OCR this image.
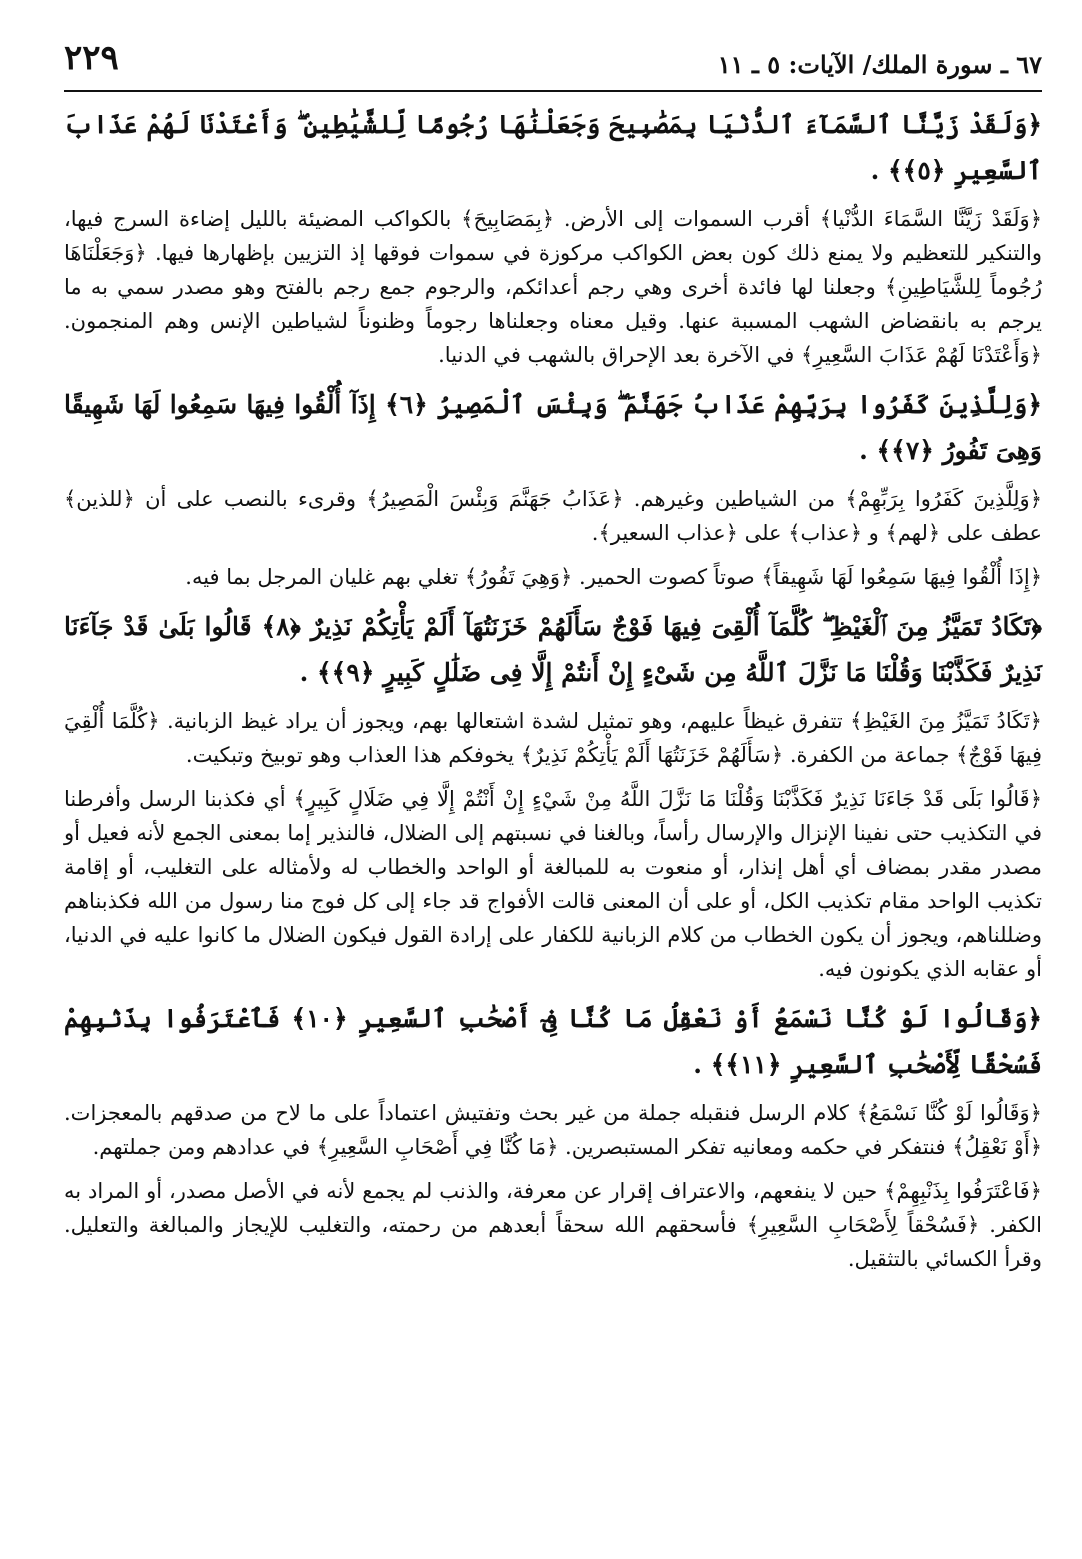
٦٧ ـ سورة الملك/ الآيات: ٥ ـ ١١
٢٢٩

﴿وَلَقَدْ زَيَّنَّا ٱلسَّمَآءَ ٱلدُّنْيَا بِمَصَٰبِيحَ وَجَعَلْنَٰهَا رُجُومًا لِّلشَّيَٰطِينِ ۖ وَأَعْتَدْنَا لَهُمْ عَذَابَ ٱلسَّعِيرِ ﴿٥﴾﴾ .

﴿وَلَقَدْ زَيَّنَّا السَّمَاءَ الدُّنْيا﴾ أقرب السموات إلى الأرض. ﴿بِمَصَابِيحَ﴾ بالكواكب المضيئة بالليل إضاءة السرج فيها، والتنكير للتعظيم ولا يمنع ذلك كون بعض الكواكب مركوزة في سموات فوقها إذ التزيين بإظهارها فيها. ﴿وَجَعَلْنَاهَا رُجُوماً لِلشَّيَاطِينِ﴾ وجعلنا لها فائدة أخرى وهي رجم أعدائكم، والرجوم جمع رجم بالفتح وهو مصدر سمي به ما يرجم به بانقضاض الشهب المسببة عنها. وقيل معناه وجعلناها رجوماً وظنوناً لشياطين الإنس وهم المنجمون. ﴿وَأَعْتَدْنَا لَهُمْ عَذَابَ السَّعِيرِ﴾ في الآخرة بعد الإحراق بالشهب في الدنيا.

﴿وَلِلَّذِينَ كَفَرُوا بِرَبِّهِمْ عَذَابُ جَهَنَّمَ ۖ وَبِئْسَ ٱلْمَصِيرُ ﴿٦﴾ إِذَآ أُلْقُوا فِيهَا سَمِعُوا لَهَا شَهِيقًا وَهِىَ تَفُورُ ﴿٧﴾﴾ .

﴿وَلِلَّذِينَ كَفَرُوا بِرَبِّهِمْ﴾ من الشياطين وغيرهم. ﴿عَذَابُ جَهَنَّمَ وَبِئْسَ الْمَصِيرُ﴾ وقرىء بالنصب على أن ﴿للذين﴾ عطف على ﴿لهم﴾ و ﴿عذاب﴾ على ﴿عذاب السعير﴾.

﴿إِذَا أُلْقُوا فِيهَا سَمِعُوا لَهَا شَهِيقاً﴾ صوتاً كصوت الحمير. ﴿وَهِيَ تَفُورُ﴾ تغلي بهم غليان المرجل بما فيه.

﴿تَكَادُ تَمَيَّزُ مِنَ ٱلْغَيْظِ ۖ كُلَّمَآ أُلْقِىَ فِيهَا فَوْجٌ سَأَلَهُمْ خَزَنَتُهَآ أَلَمْ يَأْتِكُمْ نَذِيرٌ ﴿٨﴾ قَالُوا بَلَىٰ قَدْ جَآءَنَا نَذِيرٌ فَكَذَّبْنَا وَقُلْنَا مَا نَزَّلَ ٱللَّهُ مِن شَىْءٍ إِنْ أَنتُمْ إِلَّا فِى ضَلَٰلٍ كَبِيرٍ ﴿٩﴾﴾ .

﴿تَكَادُ تَمَيَّزُ مِنَ الغَيْظِ﴾ تتفرق غيظاً عليهم، وهو تمثيل لشدة اشتعالها بهم، ويجوز أن يراد غيظ الزبانية. ﴿كُلَّمَا أُلْقِيَ فِيهَا فَوْجٌ﴾ جماعة من الكفرة. ﴿سَأَلَهُمْ خَزَنَتُهَا أَلَمْ يَأْتِكُمْ نَذِيرٌ﴾ يخوفكم هذا العذاب وهو توبيخ وتبكيت.

﴿قَالُوا بَلَى قَدْ جَاءَنَا نَذِيرٌ فَكَذَّبْنَا وَقُلْنَا مَا نَزَّلَ اللَّهُ مِنْ شَيْءٍ إِنْ أَنْتُمْ إِلَّا فِي ضَلَالٍ كَبِيرٍ﴾ أي فكذبنا الرسل وأفرطنا في التكذيب حتى نفينا الإنزال والإرسال رأساً، وبالغنا في نسبتهم إلى الضلال، فالنذير إما بمعنى الجمع لأنه فعيل أو مصدر مقدر بمضاف أي أهل إنذار، أو منعوت به للمبالغة أو الواحد والخطاب له ولأمثاله على التغليب، أو إقامة تكذيب الواحد مقام تكذيب الكل، أو على أن المعنى قالت الأفواج قد جاء إلى كل فوج منا رسول من الله فكذبناهم وضللناهم، ويجوز أن يكون الخطاب من كلام الزبانية للكفار على إرادة القول فيكون الضلال ما كانوا عليه في الدنيا، أو عقابه الذي يكونون فيه.

﴿وَقَالُوا لَوْ كُنَّا نَسْمَعُ أَوْ نَعْقِلُ مَا كُنَّا فِىٓ أَصْحَٰبِ ٱلسَّعِيرِ ﴿١٠﴾ فَٱعْتَرَفُوا بِذَنۢبِهِمْ فَسُحْقًا لِّأَصْحَٰبِ ٱلسَّعِيرِ ﴿١١﴾﴾ .

﴿وَقَالُوا لَوْ كُنَّا نَسْمَعُ﴾ كلام الرسل فنقبله جملة من غير بحث وتفتيش اعتماداً على ما لاح من صدقهم بالمعجزات. ﴿أَوْ نَعْقِلُ﴾ فنتفكر في حكمه ومعانيه تفكر المستبصرين. ﴿مَا كُنَّا فِي أَصْحَابِ السَّعِيرِ﴾ في عدادهم ومن جملتهم.

﴿فَاعْتَرَفُوا بِذَنْبِهِمْ﴾ حين لا ينفعهم، والاعتراف إقرار عن معرفة، والذنب لم يجمع لأنه في الأصل مصدر، أو المراد به الكفر. ﴿فَسُحْقاً لِأَصْحَابِ السَّعِيرِ﴾ فأسحقهم الله سحقاً أبعدهم من رحمته، والتغليب للإيجاز والمبالغة والتعليل. وقرأ الكسائي بالتثقيل.
